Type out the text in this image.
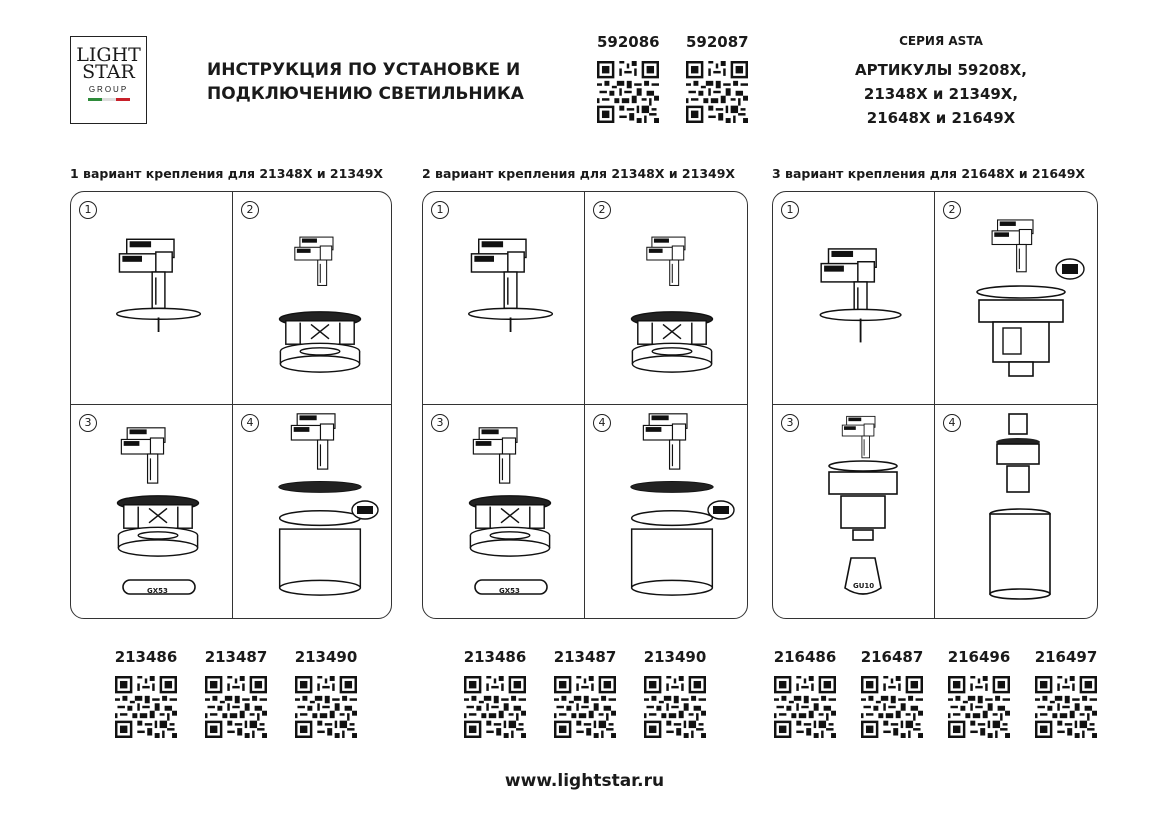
LIGHT
STAR
GROUP
ИНСТРУКЦИЯ ПО УСТАНОВКЕ И
ПОДКЛЮЧЕНИЮ СВЕТИЛЬНИКА
592086 592087	СЕРИЯ ASTA
АРТИКУЛЫ 59208X,
21348X и 21349X,
21648X и 21649X
1 вариант крепления для 21348X и 21349X
1	2
3	4
GX53
2 вариант крепления для 21348X и 21349X
1	2
3	4
GX53
3 вариант крепления для 21648X и 21649X
1	2
3	4
GU10
213486 213487 213490	213486 213487 213490	216486 216487 216496 216497
www.lightstar.ru
